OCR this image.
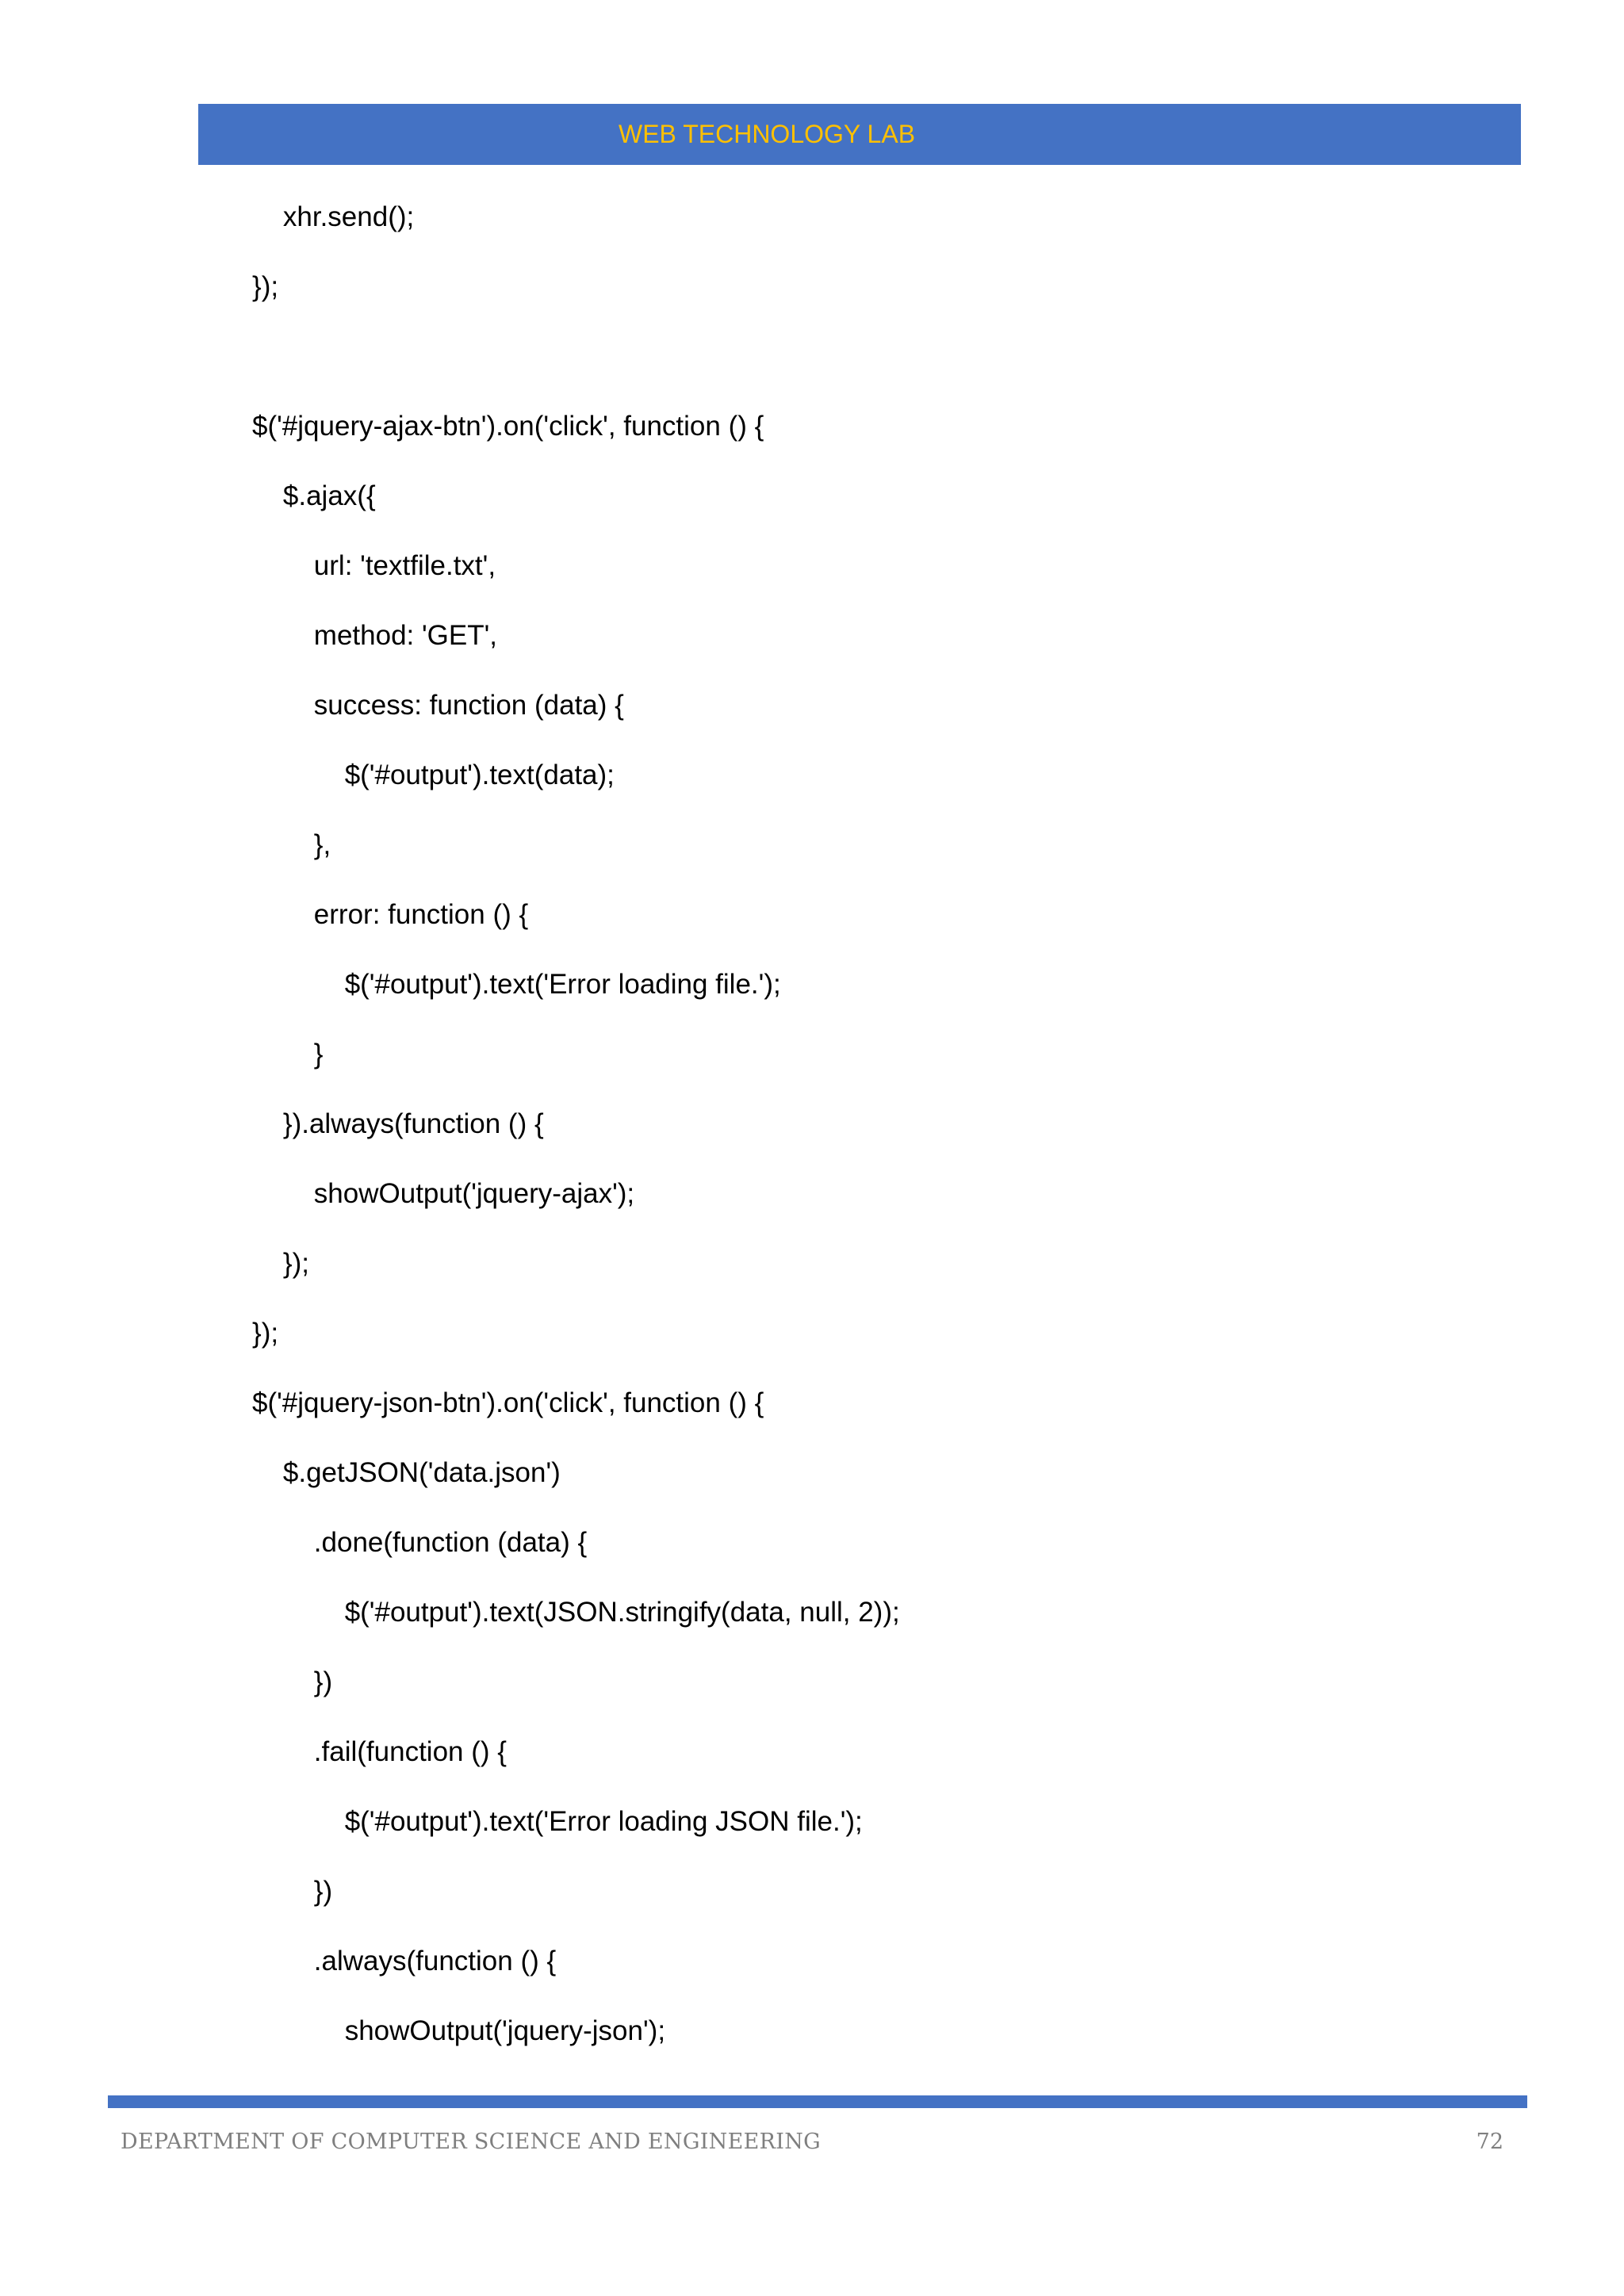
WEB TECHNOLOGY LAB
xhr.send();
});
$('#jquery-ajax-btn').on('click', function () {
$.ajax({
url: 'textfile.txt',
method: 'GET',
success: function (data) {
$('#output').text(data);
},
error: function () {
$('#output').text('Error loading file.');
}
}).always(function () {
showOutput('jquery-ajax');
});
});
$('#jquery-json-btn').on('click', function () {
$.getJSON('data.json')
.done(function (data) {
$('#output').text(JSON.stringify(data, null, 2));
})
.fail(function () {
$('#output').text('Error loading JSON file.');
})
.always(function () {
showOutput('jquery-json');
DEPARTMENT OF COMPUTER SCIENCE AND ENGINEERING	72
